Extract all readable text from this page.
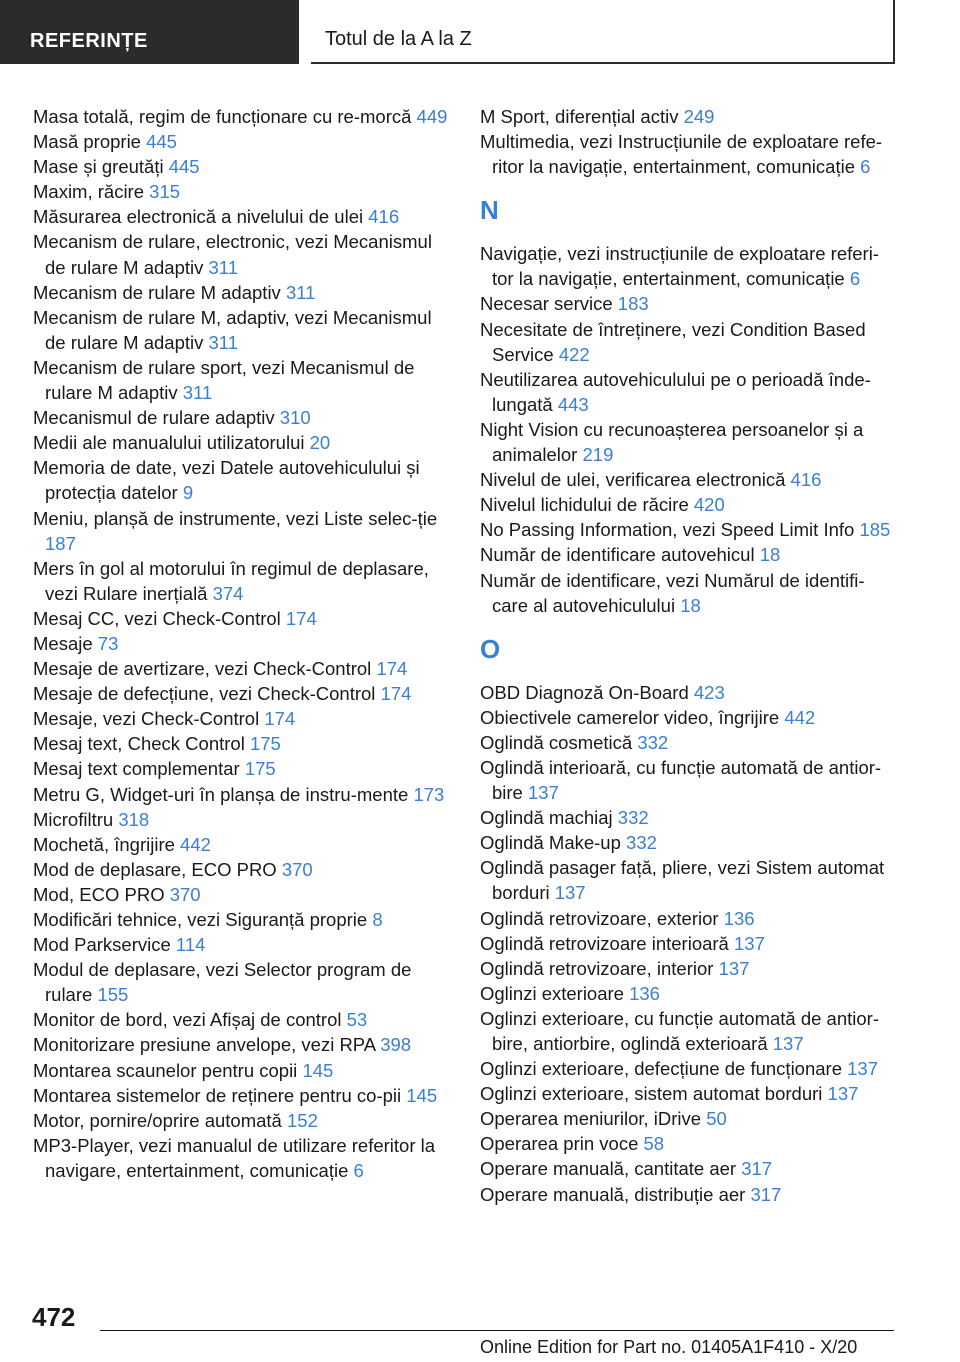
REFERINȚE	Totul de la A la Z
Masa totală, regim de funcționare cu re-morcă 449
Masă proprie 445
Mase și greutăți 445
Maxim, răcire 315
Măsurarea electronică a nivelului de ulei 416
Mecanism de rulare, electronic, vezi Mecanismul de rulare M adaptiv 311
Mecanism de rulare M adaptiv 311
Mecanism de rulare M, adaptiv, vezi Mecanismul de rulare M adaptiv 311
Mecanism de rulare sport, vezi Mecanismul de rulare M adaptiv 311
Mecanismul de rulare adaptiv 310
Medii ale manualului utilizatorului 20
Memoria de date, vezi Datele autovehiculului și protecția datelor 9
Meniu, planșă de instrumente, vezi Liste selec-ție 187
Mers în gol al motorului în regimul de deplasare, vezi Rulare inerțială 374
Mesaj CC, vezi Check-Control 174
Mesaje 73
Mesaje de avertizare, vezi Check-Control 174
Mesaje de defecțiune, vezi Check-Control 174
Mesaje, vezi Check-Control 174
Mesaj text, Check Control 175
Mesaj text complementar 175
Metru G, Widget-uri în planșa de instru-mente 173
Microfiltru 318
Mochetă, îngrijire 442
Mod de deplasare, ECO PRO 370
Mod, ECO PRO 370
Modificări tehnice, vezi Siguranță proprie 8
Mod Parkservice 114
Modul de deplasare, vezi Selector program de rulare 155
Monitor de bord, vezi Afișaj de control 53
Monitorizare presiune anvelope, vezi RPA 398
Montarea scaunelor pentru copii 145
Montarea sistemelor de reținere pentru co-pii 145
Motor, pornire/oprire automată 152
MP3-Player, vezi manualul de utilizare referitor la navigare, entertainment, comunicație 6
M Sport, diferențial activ 249
Multimedia, vezi Instrucțiunile de exploatare refe-ritor la navigație, entertainment, comunicație 6
N
Navigație, vezi instrucțiunile de exploatare referi-tor la navigație, entertainment, comunicație 6
Necesar service 183
Necesitate de întreținere, vezi Condition Based Service 422
Neutilizarea autovehiculului pe o perioadă înde-lungată 443
Night Vision cu recunoașterea persoanelor și a animalelor 219
Nivelul de ulei, verificarea electronică 416
Nivelul lichidului de răcire 420
No Passing Information, vezi Speed Limit Info 185
Număr de identificare autovehicul 18
Număr de identificare, vezi Numărul de identifi-care al autovehiculului 18
O
OBD Diagnoză On-Board 423
Obiectivele camerelor video, îngrijire 442
Oglindă cosmetică 332
Oglindă interioară, cu funcție automată de antior-bire 137
Oglindă machiaj 332
Oglindă Make-up 332
Oglindă pasager față, pliere, vezi Sistem automat borduri 137
Oglindă retrovizoare, exterior 136
Oglindă retrovizoare interioară 137
Oglindă retrovizoare, interior 137
Oglinzi exterioare 136
Oglinzi exterioare, cu funcție automată de antior-bire, antiorbire, oglindă exterioară 137
Oglinzi exterioare, defecțiune de funcționare 137
Oglinzi exterioare, sistem automat borduri 137
Operarea meniurilor, iDrive 50
Operarea prin voce 58
Operare manuală, cantitate aer 317
Operare manuală, distribuție aer 317
472
Online Edition for Part no. 01405A1F410 - X/20
